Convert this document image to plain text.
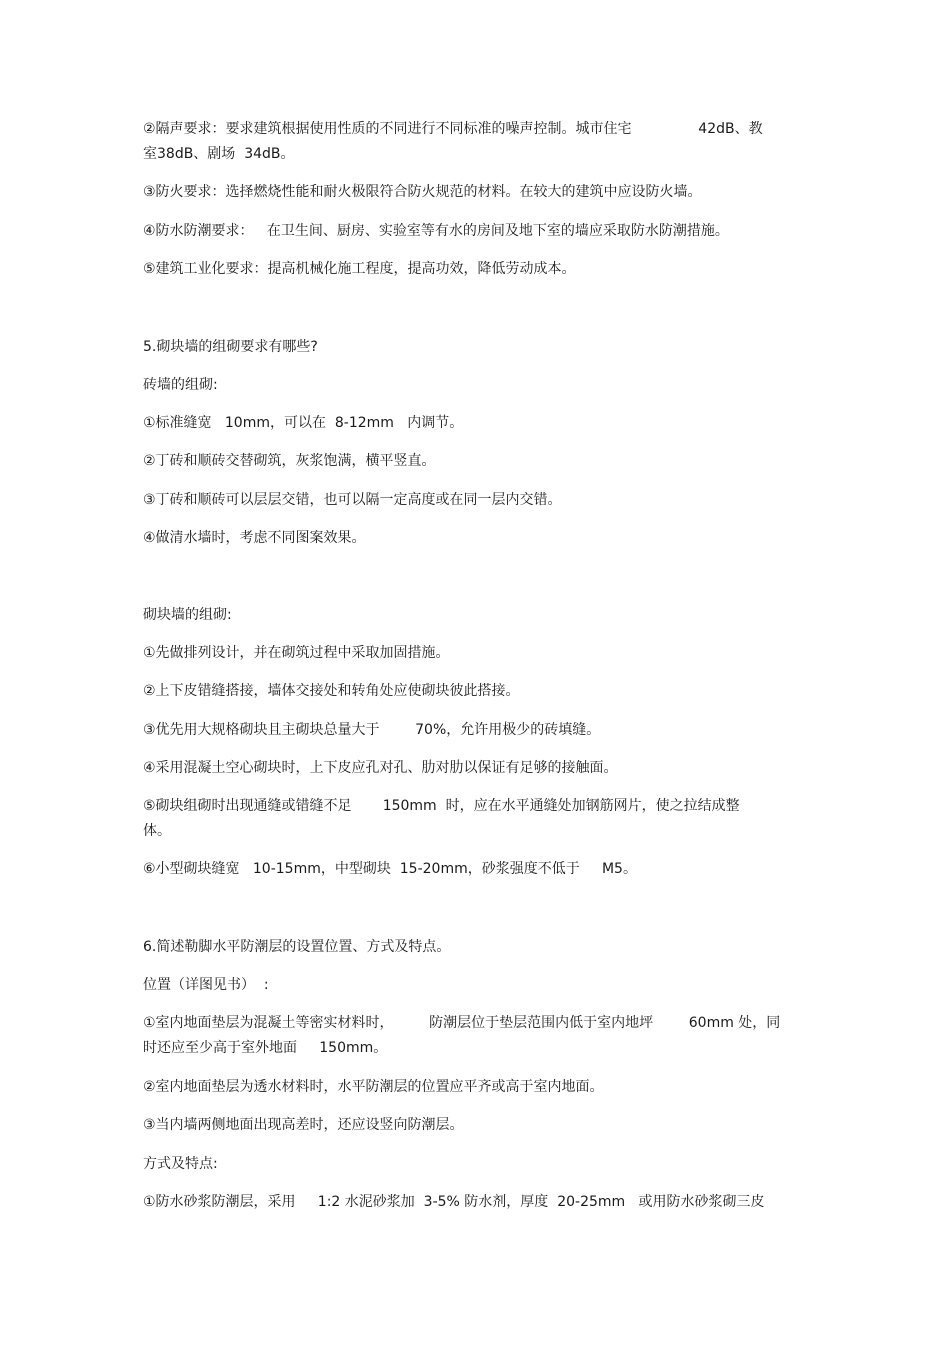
②隔声要求：要求建筑根据使用性质的不同进行不同标准的噪声控制。城市住宅               42dB、教

室38dB、剧场  34dB。

③防火要求：选择燃烧性能和耐火极限符合防火规范的材料。在较大的建筑中应设防火墙。

④防水防潮要求：   在卫生间、厨房、实验室等有水的房间及地下室的墙应采取防水防潮措施。

⑤建筑工业化要求：提高机械化施工程度，提高功效，降低劳动成本。

5.砌块墙的组砌要求有哪些?

砖墙的组砌:

①标准缝宽   10mm，可以在  8-12mm   内调节。

②丁砖和顺砖交替砌筑，灰浆饱满，横平竖直。

③丁砖和顺砖可以层层交错，也可以隔一定高度或在同一层内交错。

④做清水墙时，考虑不同图案效果。

砌块墙的组砌:

①先做排列设计，并在砌筑过程中采取加固措施。

②上下皮错缝搭接，墙体交接处和转角处应使砌块彼此搭接。

③优先用大规格砌块且主砌块总量大于        70%，允许用极少的砖填缝。

④采用混凝土空心砌块时，上下皮应孔对孔、肋对肋以保证有足够的接触面。

⑤砌块组砌时出现通缝或错缝不足       150mm  时，应在水平通缝处加钢筋网片，使之拉结成整

体。

⑥小型砌块缝宽   10-15mm，中型砌块  15-20mm，砂浆强度不低于     M5。

6.简述勒脚水平防潮层的设置位置、方式及特点。

位置（详图见书）  :

①室内地面垫层为混凝土等密实材料时，        防潮层位于垫层范围内低于室内地坪        60mm 处，同

时还应至少高于室外地面     150mm。

②室内地面垫层为透水材料时，水平防潮层的位置应平齐或高于室内地面。

③当内墙两侧地面出现高差时，还应设竖向防潮层。

方式及特点:

①防水砂浆防潮层，采用     1:2 水泥砂浆加  3-5% 防水剂，厚度  20-25mm   或用防水砂浆砌三皮
